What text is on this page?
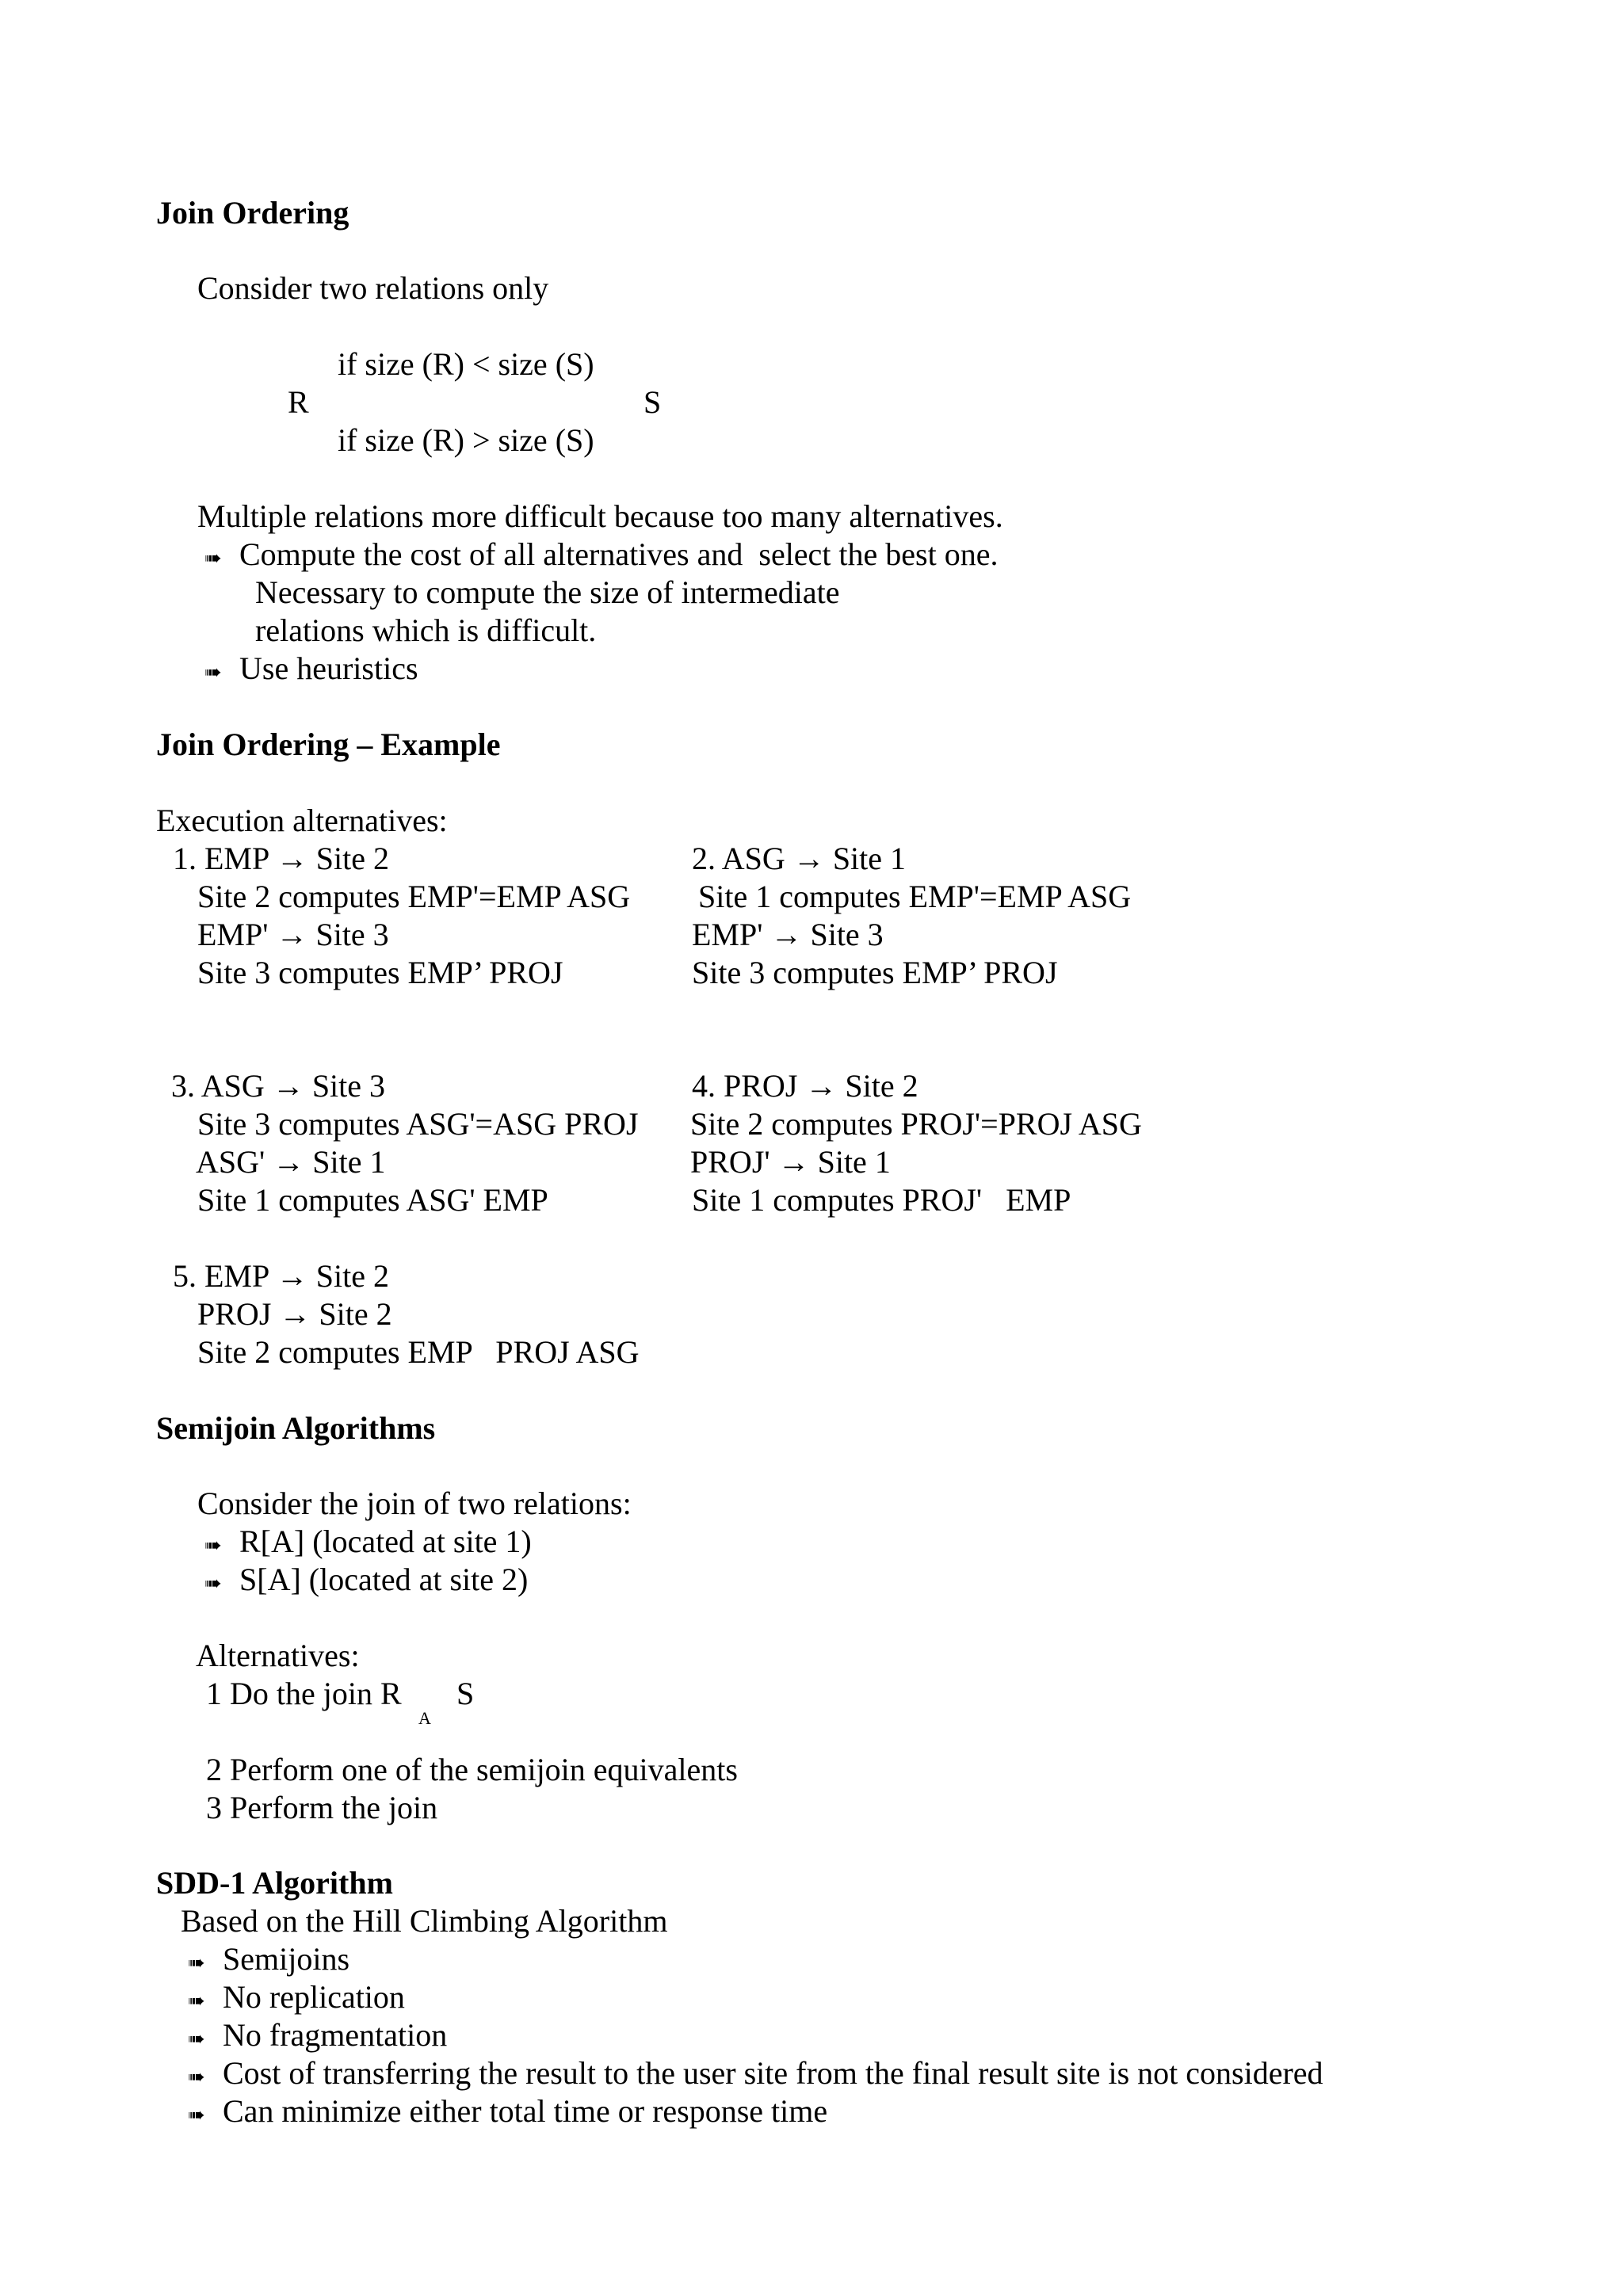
Join Ordering
Consider two relations only
if size (R) < size (S)
R	S
if size (R) > size (S)
Multiple relations more difficult because too many alternatives.
➠ Compute the cost of all alternatives and  select the best one.
Necessary to compute the size of intermediate
relations which is difficult.
➠ Use heuristics
Join Ordering – Example
Execution alternatives:
1. EMP → Site 2
Site 2 computes EMP'=EMP ASG
EMP' → Site 3
Site 3 computes EMP’ PROJ
2. ASG → Site 1
Site 1 computes EMP'=EMP ASG
EMP' → Site 3
Site 3 computes EMP’ PROJ
3. ASG → Site 3
Site 3 computes ASG'=ASG PROJ
ASG' → Site 1
Site 1 computes ASG' EMP
4. PROJ → Site 2
Site 2 computes PROJ'=PROJ ASG
PROJ' → Site 1
Site 1 computes PROJ'   EMP
5. EMP → Site 2
PROJ → Site 2
Site 2 computes EMP   PROJ ASG
Semijoin Algorithms
Consider the join of two relations:
➠ R[A] (located at site 1)
➠ S[A] (located at site 2)
Alternatives:
1 Do the join R S
A
2 Perform one of the semijoin equivalents
3 Perform the join
SDD-1 Algorithm
Based on the Hill Climbing Algorithm
➠ Semijoins
➠ No replication
➠ No fragmentation
➠ Cost of transferring the result to the user site from the final result site is not considered
➠ Can minimize either total time or response time
